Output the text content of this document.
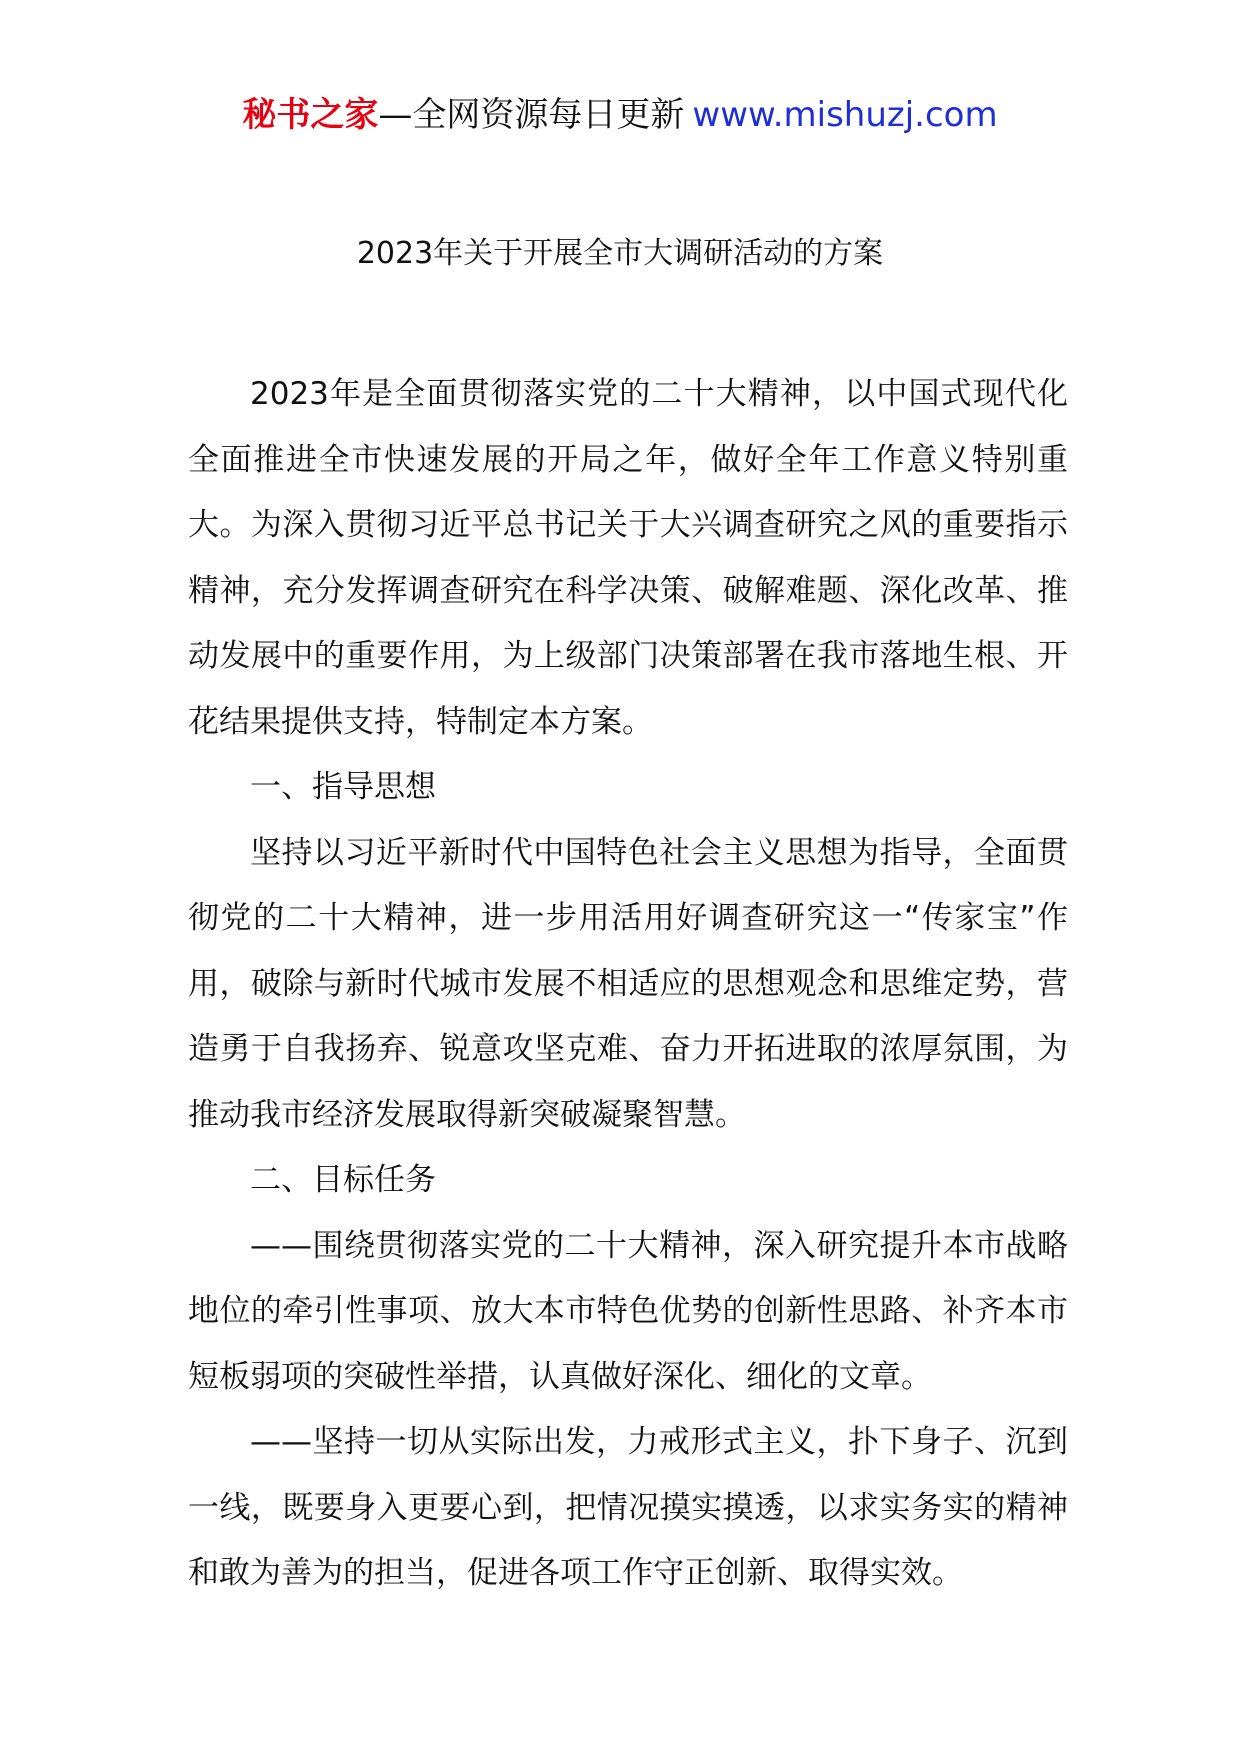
秘书之家—全网资源每日更新 www.mishuzj.com
2023年关于开展全市大调研活动的方案

2023年是全面贯彻落实党的二十大精神，以中国式现代化全面推进全市快速发展的开局之年，做好全年工作意义特别重大。为深入贯彻习近平总书记关于大兴调查研究之风的重要指示精神，充分发挥调查研究在科学决策、破解难题、深化改革、推动发展中的重要作用，为上级部门决策部署在我市落地生根、开花结果提供支持，特制定本方案。

一、指导思想

坚持以习近平新时代中国特色社会主义思想为指导，全面贯彻党的二十大精神，进一步用活用好调查研究这一“传家宝”作用，破除与新时代城市发展不相适应的思想观念和思维定势，营造勇于自我扬弃、锐意攻坚克难、奋力开拓进取的浓厚氛围，为推动我市经济发展取得新突破凝聚智慧。

二、目标任务

——围绕贯彻落实党的二十大精神，深入研究提升本市战略地位的牵引性事项、放大本市特色优势的创新性思路、补齐本市短板弱项的突破性举措，认真做好深化、细化的文章。

——坚持一切从实际出发，力戒形式主义，扑下身子、沉到一线，既要身入更要心到，把情况摸实摸透，以求实务实的精神和敢为善为的担当，促进各项工作守正创新、取得实效。
